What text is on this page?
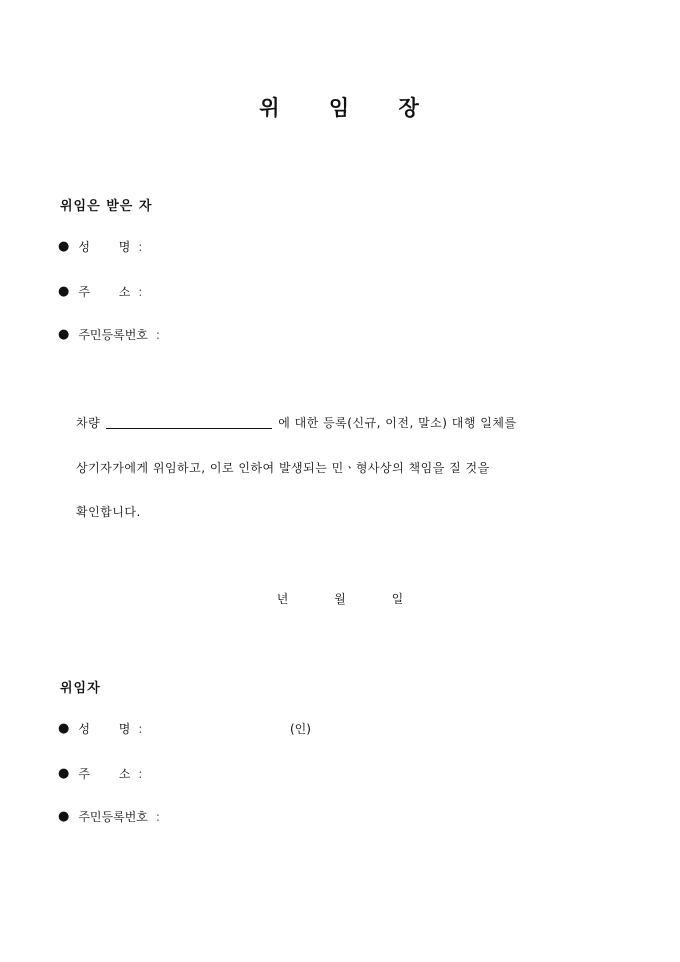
위 임 장
위임은 받은 자
● 성 명 :
● 주 소 :
● 주민등록번호 :
차량	에 대한 등록(신규, 이전, 말소) 대행 일체를
상기자가에게 위임하고, 이로 인하여 발생되는 민ㆍ형사상의 책임을 질 것을
확인합니다.
년	월	일
위임자
● 성 명 :	(인)
● 주 소 :
● 주민등록번호 :
